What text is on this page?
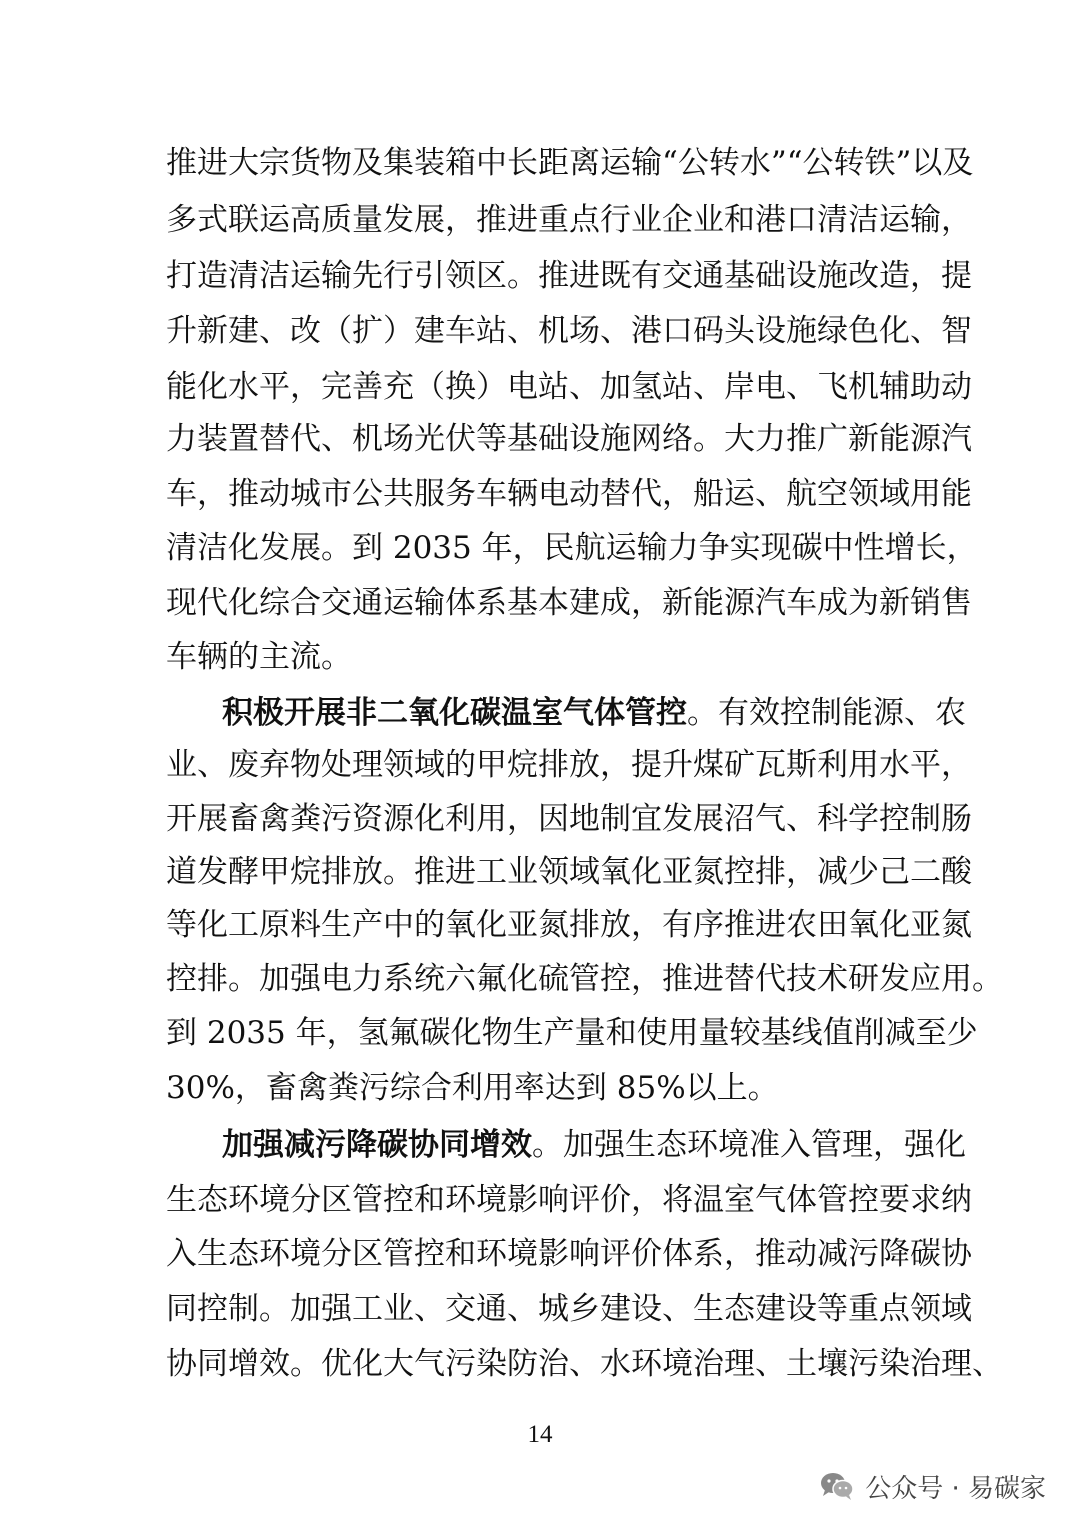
推进大宗货物及集装箱中长距离运输“公转水”“公转铁”以及
多式联运高质量发展，推进重点行业企业和港口清洁运输，
打造清洁运输先行引领区。推进既有交通基础设施改造，提
升新建、改（扩）建车站、机场、港口码头设施绿色化、智
能化水平，完善充（换）电站、加氢站、岸电、飞机辅助动
力装置替代、机场光伏等基础设施网络。大力推广新能源汽
车，推动城市公共服务车辆电动替代，船运、航空领域用能
清洁化发展。到 2035 年，民航运输力争实现碳中性增长，
现代化综合交通运输体系基本建成，新能源汽车成为新销售
车辆的主流。
积极开展非二氧化碳温室气体管控。有效控制能源、农
业、废弃物处理领域的甲烷排放，提升煤矿瓦斯利用水平，
开展畜禽粪污资源化利用，因地制宜发展沼气、科学控制肠
道发酵甲烷排放。推进工业领域氧化亚氮控排，减少己二酸
等化工原料生产中的氧化亚氮排放，有序推进农田氧化亚氮
控排。加强电力系统六氟化硫管控，推进替代技术研发应用。
到 2035 年，氢氟碳化物生产量和使用量较基线值削减至少
30%，畜禽粪污综合利用率达到 85%以上。
加强减污降碳协同增效。加强生态环境准入管理，强化
生态环境分区管控和环境影响评价，将温室气体管控要求纳
入生态环境分区管控和环境影响评价体系，推动减污降碳协
同控制。加强工业、交通、城乡建设、生态建设等重点领域
协同增效。优化大气污染防治、水环境治理、土壤污染治理、
14
公众号 · 易碳家
